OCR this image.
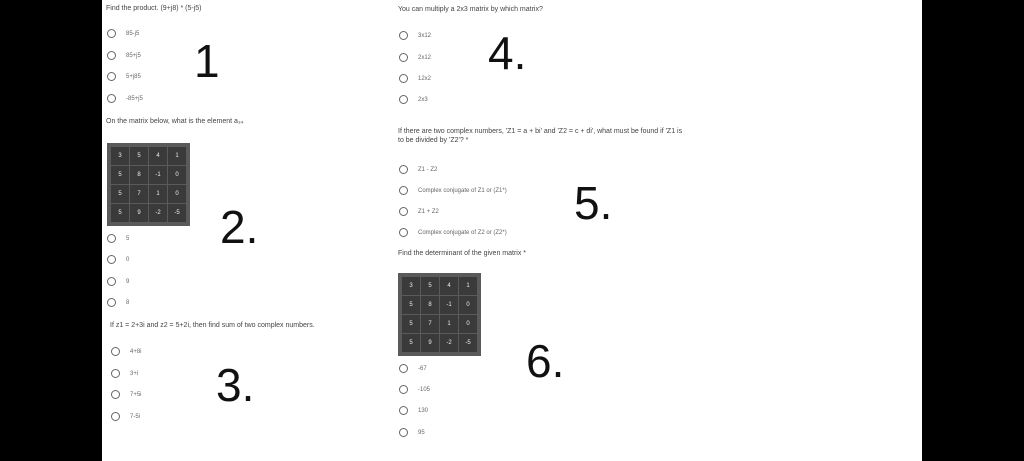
Find the product. (9+j8) * (5-j5)
85-j5
85+j5
5+j85
-85+j5
1
On the matrix below, what is the element a₃₄
3	5	4	1
5	8	-1	0
5	7	1	0
5	9	-2	-5
5
0
9
8
2.
If z1 = 2+3i and z2 = 5+2i, then find sum of two complex numbers.
4+8i
3+i
7+5i
7-5i
3.
You can multiply a 2x3 matrix by which matrix?
3x12
2x12
12x2
2x3
4.
If there are two complex numbers, 'Z1 = a + bi' and 'Z2 = c + di', what must be found if 'Z1 is to be divided by 'Z2'? *
Z1 - Z2
Complex conjugate of Z1 or (Z1*)
Z1 + Z2
Complex conjugate of Z2 or (Z2*)
5.
Find the determinant of the given matrix *
3	5	4	1
5	8	-1	0
5	7	1	0
5	9	-2	-5
-67
-105
130
95
6.
